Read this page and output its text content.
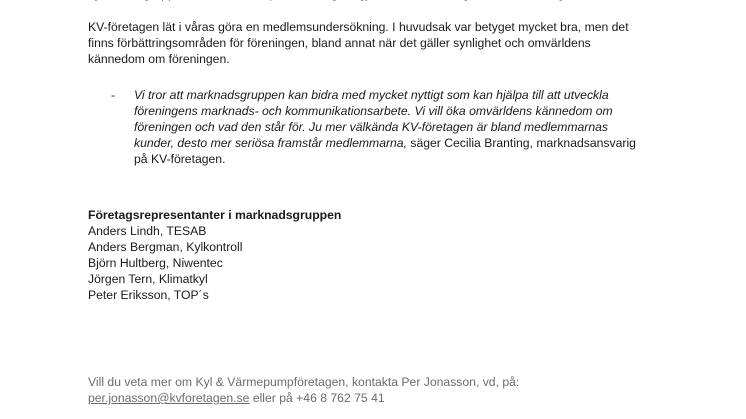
KV-företagen lät i våras göra en medlemsundersökning. I huvudsak var betyget mycket bra, men det
finns förbättringsområden för föreningen, bland annat när det gäller synlighet och omvärldens
kännedom om föreningen.
- Vi tror att marknadsgruppen kan bidra med mycket nyttigt som kan hjälpa till att utveckla
föreningens marknads- och kommunikationsarbete. Vi vill öka omvärldens kännedom om
föreningen och vad den står för. Ju mer välkända KV-företagen är bland medlemmarnas
kunder, desto mer seriösa framstår medlemmarna, säger Cecilia Branting, marknadsansvarig
på KV-företagen.
Företagsrepresentanter i marknadsgruppen
Anders Lindh, TESAB
Anders Bergman, Kylkontroll
Björn Hultberg, Niwentec
Jörgen Tern, Klimatkyl
Peter Eriksson, TOP´s
Vill du veta mer om Kyl & Värmepumpföretagen, kontakta Per Jonasson, vd, på:
per.jonasson@kvforetagen.se eller på +46 8 762 75 41
